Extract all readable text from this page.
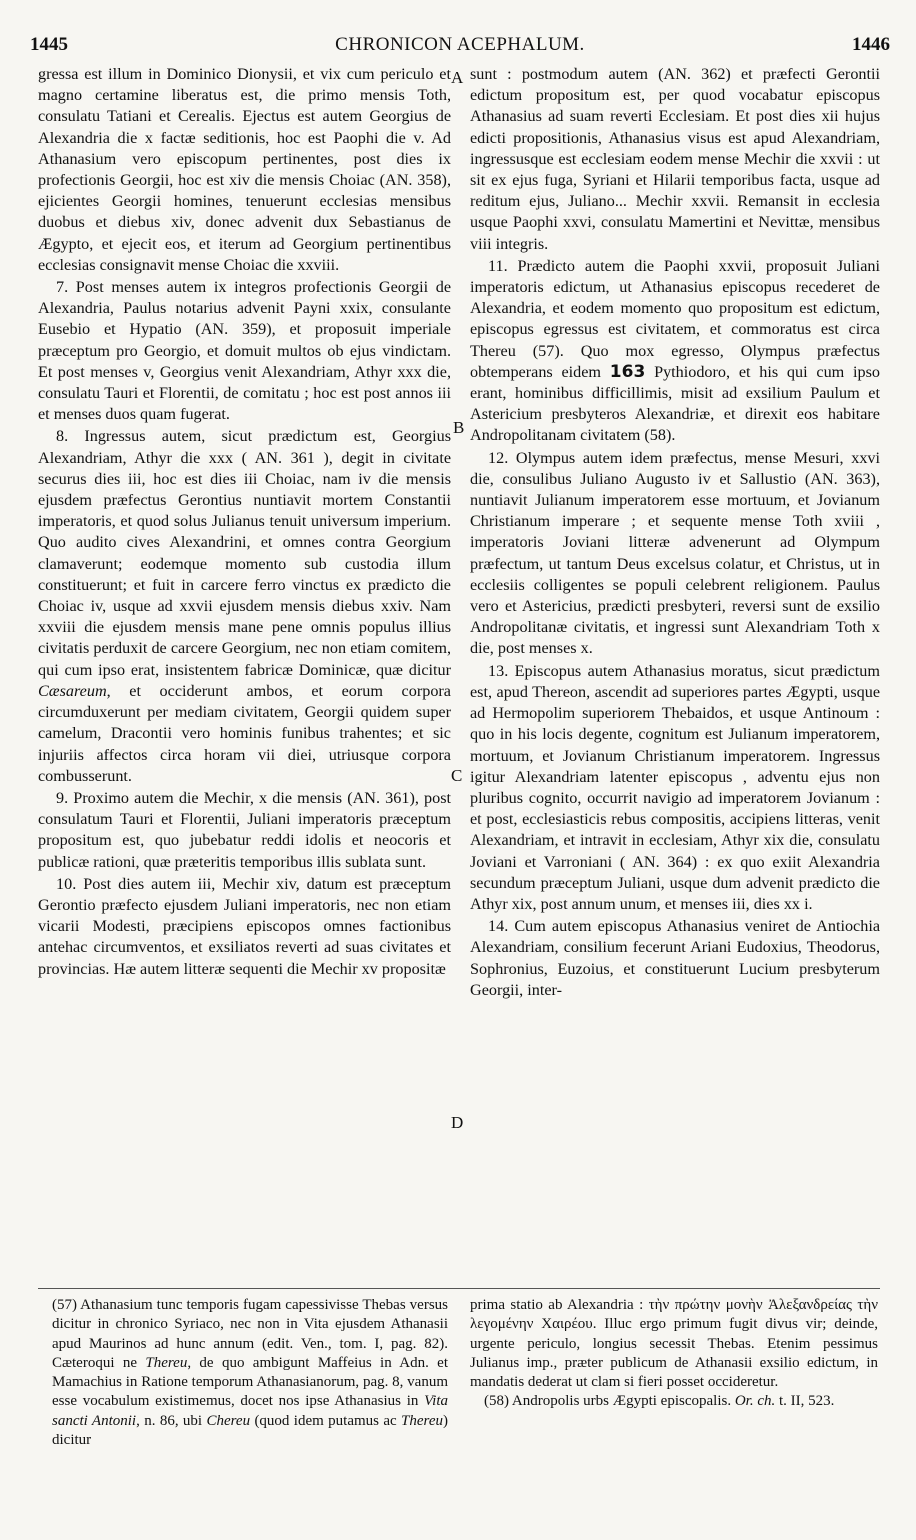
1445	CHRONICON ACEPHALUM.	1446
A
B
C
D

gressa est illum in Dominico Dionysii, et vix cum periculo et magno certamine liberatus est, die primo mensis Toth, consulatu Tatiani et Cerealis. Ejectus est autem Georgius de Alexandria die x factæ seditionis, hoc est Paophi die v. Ad Athanasium vero episcopum pertinentes, post dies ix profectionis Georgii, hoc est xiv die mensis Choiac (AN. 358), ejicientes Georgii homines, tenuerunt ecclesias mensibus duobus et diebus xiv, donec advenit dux Sebastianus de Ægypto, et ejecit eos, et iterum ad Georgium pertinentibus ecclesias consignavit mense Choiac die xxviii.

7. Post menses autem ix integros profectionis Georgii de Alexandria, Paulus notarius advenit Payni xxix, consulante Eusebio et Hypatio (AN. 359), et proposuit imperiale præceptum pro Georgio, et domuit multos ob ejus vindictam. Et post menses v, Georgius venit Alexandriam, Athyr xxx die, consulatu Tauri et Florentii, de comitatu ; hoc est post annos iii et menses duos quam fugerat.

8. Ingressus autem, sicut prædictum est, Georgius Alexandriam, Athyr die xxx ( AN. 361 ), degit in civitate securus dies iii, hoc est dies iii Choiac, nam iv die mensis ejusdem præfectus Gerontius nuntiavit mortem Constantii imperatoris, et quod solus Julianus tenuit universum imperium. Quo audito cives Alexandrini, et omnes contra Georgium clamaverunt; eodemque momento sub custodia illum constituerunt; et fuit in carcere ferro vinctus ex prædicto die Choiac iv, usque ad xxvii ejusdem mensis diebus xxiv. Nam xxviii die ejusdem mensis mane pene omnis populus illius civitatis perduxit de carcere Georgium, nec non etiam comitem, qui cum ipso erat, insistentem fabricæ Dominicæ, quæ dicitur Cæsareum, et occiderunt ambos, et eorum corpora circumduxerunt per mediam civitatem, Georgii quidem super camelum, Dracontii vero hominis funibus trahentes; et sic injuriis affectos circa horam vii diei, utriusque corpora combusserunt.

9. Proximo autem die Mechir, x die mensis (AN. 361), post consulatum Tauri et Florentii, Juliani imperatoris præceptum propositum est, quo jubebatur reddi idolis et neocoris et publicæ rationi, quæ præteritis temporibus illis sublata sunt.

10. Post dies autem iii, Mechir xiv, datum est præceptum Gerontio præfecto ejusdem Juliani imperatoris, nec non etiam vicarii Modesti, præcipiens episcopos omnes factionibus antehac circumventos, et exsiliatos reverti ad suas civitates et provincias. Hæ autem litteræ sequenti die Mechir xv propositæ

sunt : postmodum autem (AN. 362) et præfecti Gerontii edictum propositum est, per quod vocabatur episcopus Athanasius ad suam reverti Ecclesiam. Et post dies xii hujus edicti propositionis, Athanasius visus est apud Alexandriam, ingressusque est ecclesiam eodem mense Mechir die xxvii : ut sit ex ejus fuga, Syriani et Hilarii temporibus facta, usque ad reditum ejus, Juliano... Mechir xxvii. Remansit in ecclesia usque Paophi xxvi, consulatu Mamertini et Nevittæ, mensibus viii integris.

11. Prædicto autem die Paophi xxvii, proposuit Juliani imperatoris edictum, ut Athanasius episcopus recederet de Alexandria, et eodem momento quo propositum est edictum, episcopus egressus est civitatem, et commoratus est circa Thereu (57). Quo mox egresso, Olympus præfectus obtemperans eidem 163 Pythiodoro, et his qui cum ipso erant, hominibus difficillimis, misit ad exsilium Paulum et Astericium presbyteros Alexandriæ, et direxit eos habitare Andropolitanam civitatem (58).

12. Olympus autem idem præfectus, mense Mesuri, xxvi die, consulibus Juliano Augusto iv et Sallustio (AN. 363), nuntiavit Julianum imperatorem esse mortuum, et Jovianum Christianum imperare ; et sequente mense Toth xviii , imperatoris Joviani litteræ advenerunt ad Olympum præfectum, ut tantum Deus excelsus colatur, et Christus, ut in ecclesiis colligentes se populi celebrent religionem. Paulus vero et Astericius, prædicti presbyteri, reversi sunt de exsilio Andropolitanæ civitatis, et ingressi sunt Alexandriam Toth x die, post menses x.

13. Episcopus autem Athanasius moratus, sicut prædictum est, apud Thereon, ascendit ad superiores partes Ægypti, usque ad Hermopolim superiorem Thebaidos, et usque Antinoum : quo in his locis degente, cognitum est Julianum imperatorem, mortuum, et Jovianum Christianum imperatorem. Ingressus igitur Alexandriam latenter episcopus , adventu ejus non pluribus cognito, occurrit navigio ad imperatorem Jovianum : et post, ecclesiasticis rebus compositis, accipiens litteras, venit Alexandriam, et intravit in ecclesiam, Athyr xix die, consulatu Joviani et Varroniani ( AN. 364) : ex quo exiit Alexandria secundum præceptum Juliani, usque dum advenit prædicto die Athyr xix, post annum unum, et menses iii, dies xx i.

14. Cum autem episcopus Athanasius veniret de Antiochia Alexandriam, consilium fecerunt Ariani Eudoxius, Theodorus, Sophronius, Euzoius, et constituerunt Lucium presbyterum Georgii, inter-

(57) Athanasium tunc temporis fugam capessivisse Thebas versus dicitur in chronico Syriaco, nec non in Vita ejusdem Athanasii apud Maurinos ad hunc annum (edit. Ven., tom. I, pag. 82). Cæteroqui ne Thereu, de quo ambigunt Maffeius in Adn. et Mamachius in Ratione temporum Athanasianorum, pag. 8, vanum esse vocabulum existimemus, docet nos ipse Athanasius in Vita sancti Antonii, n. 86, ubi Chereu (quod idem putamus ac Thereu) dicitur

prima statio ab Alexandria : τὴν πρώτην μονὴν Ἀλεξανδρείας τὴν λεγομένην Χαιρέου. Illuc ergo primum fugit divus vir; deinde, urgente periculo, longius secessit Thebas. Etenim pessimus Julianus imp., præter publicum de Athanasii exsilio edictum, in mandatis dederat ut clam si fieri posset occideretur.

(58) Andropolis urbs Ægypti episcopalis. Or. ch. t. II, 523.
